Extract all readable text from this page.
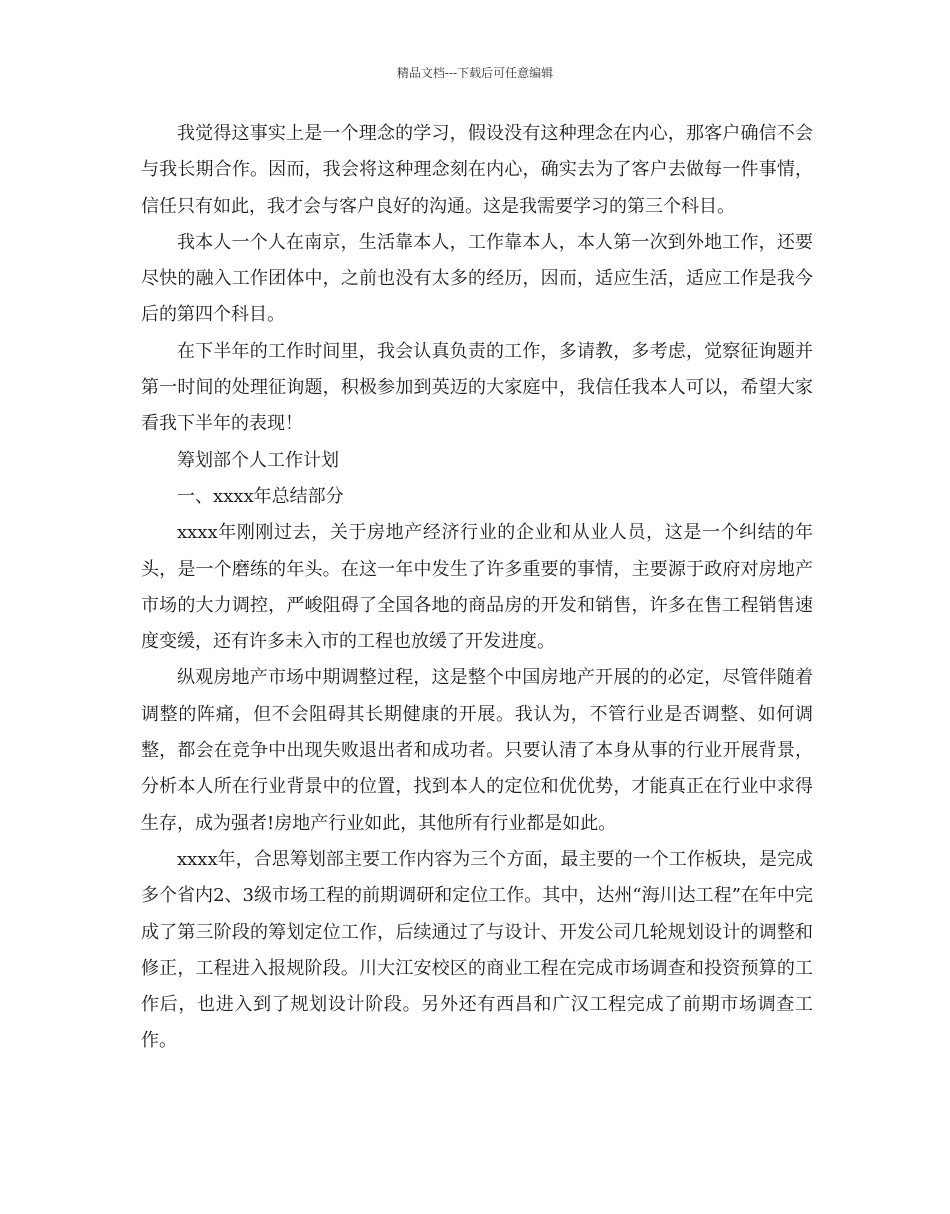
精品文档---下载后可任意编辑

我觉得这事实上是一个理念的学习，假设没有这种理念在内心，那客户确信不会与我长期合作。因而，我会将这种理念刻在内心，确实去为了客户去做每一件事情，信任只有如此，我才会与客户良好的沟通。这是我需要学习的第三个科目。

我本人一个人在南京，生活靠本人，工作靠本人，本人第一次到外地工作，还要尽快的融入工作团体中，之前也没有太多的经历，因而，适应生活，适应工作是我今后的第四个科目。

在下半年的工作时间里，我会认真负责的工作，多请教，多考虑，觉察征询题并第一时间的处理征询题，积极参加到英迈的大家庭中，我信任我本人可以，希望大家看我下半年的表现！

筹划部个人工作计划

一、xxxx年总结部分

xxxx年刚刚过去，关于房地产经济行业的企业和从业人员，这是一个纠结的年头，是一个磨练的年头。在这一年中发生了许多重要的事情，主要源于政府对房地产市场的大力调控，严峻阻碍了全国各地的商品房的开发和销售，许多在售工程销售速度变缓，还有许多未入市的工程也放缓了开发进度。

纵观房地产市场中期调整过程，这是整个中国房地产开展的的必定，尽管伴随着调整的阵痛，但不会阻碍其长期健康的开展。我认为，不管行业是否调整、如何调整，都会在竞争中出现失败退出者和成功者。只要认清了本身从事的行业开展背景，分析本人所在行业背景中的位置，找到本人的定位和优优势，才能真正在行业中求得生存，成为强者!房地产行业如此，其他所有行业都是如此。

xxxx年，合思筹划部主要工作内容为三个方面，最主要的一个工作板块，是完成多个省内2、3级市场工程的前期调研和定位工作。其中，达州“海川达工程”在年中完成了第三阶段的筹划定位工作，后续通过了与设计、开发公司几轮规划设计的调整和修正，工程进入报规阶段。川大江安校区的商业工程在完成市场调查和投资预算的工作后，也进入到了规划设计阶段。另外还有西昌和广汉工程完成了前期市场调查工作。
